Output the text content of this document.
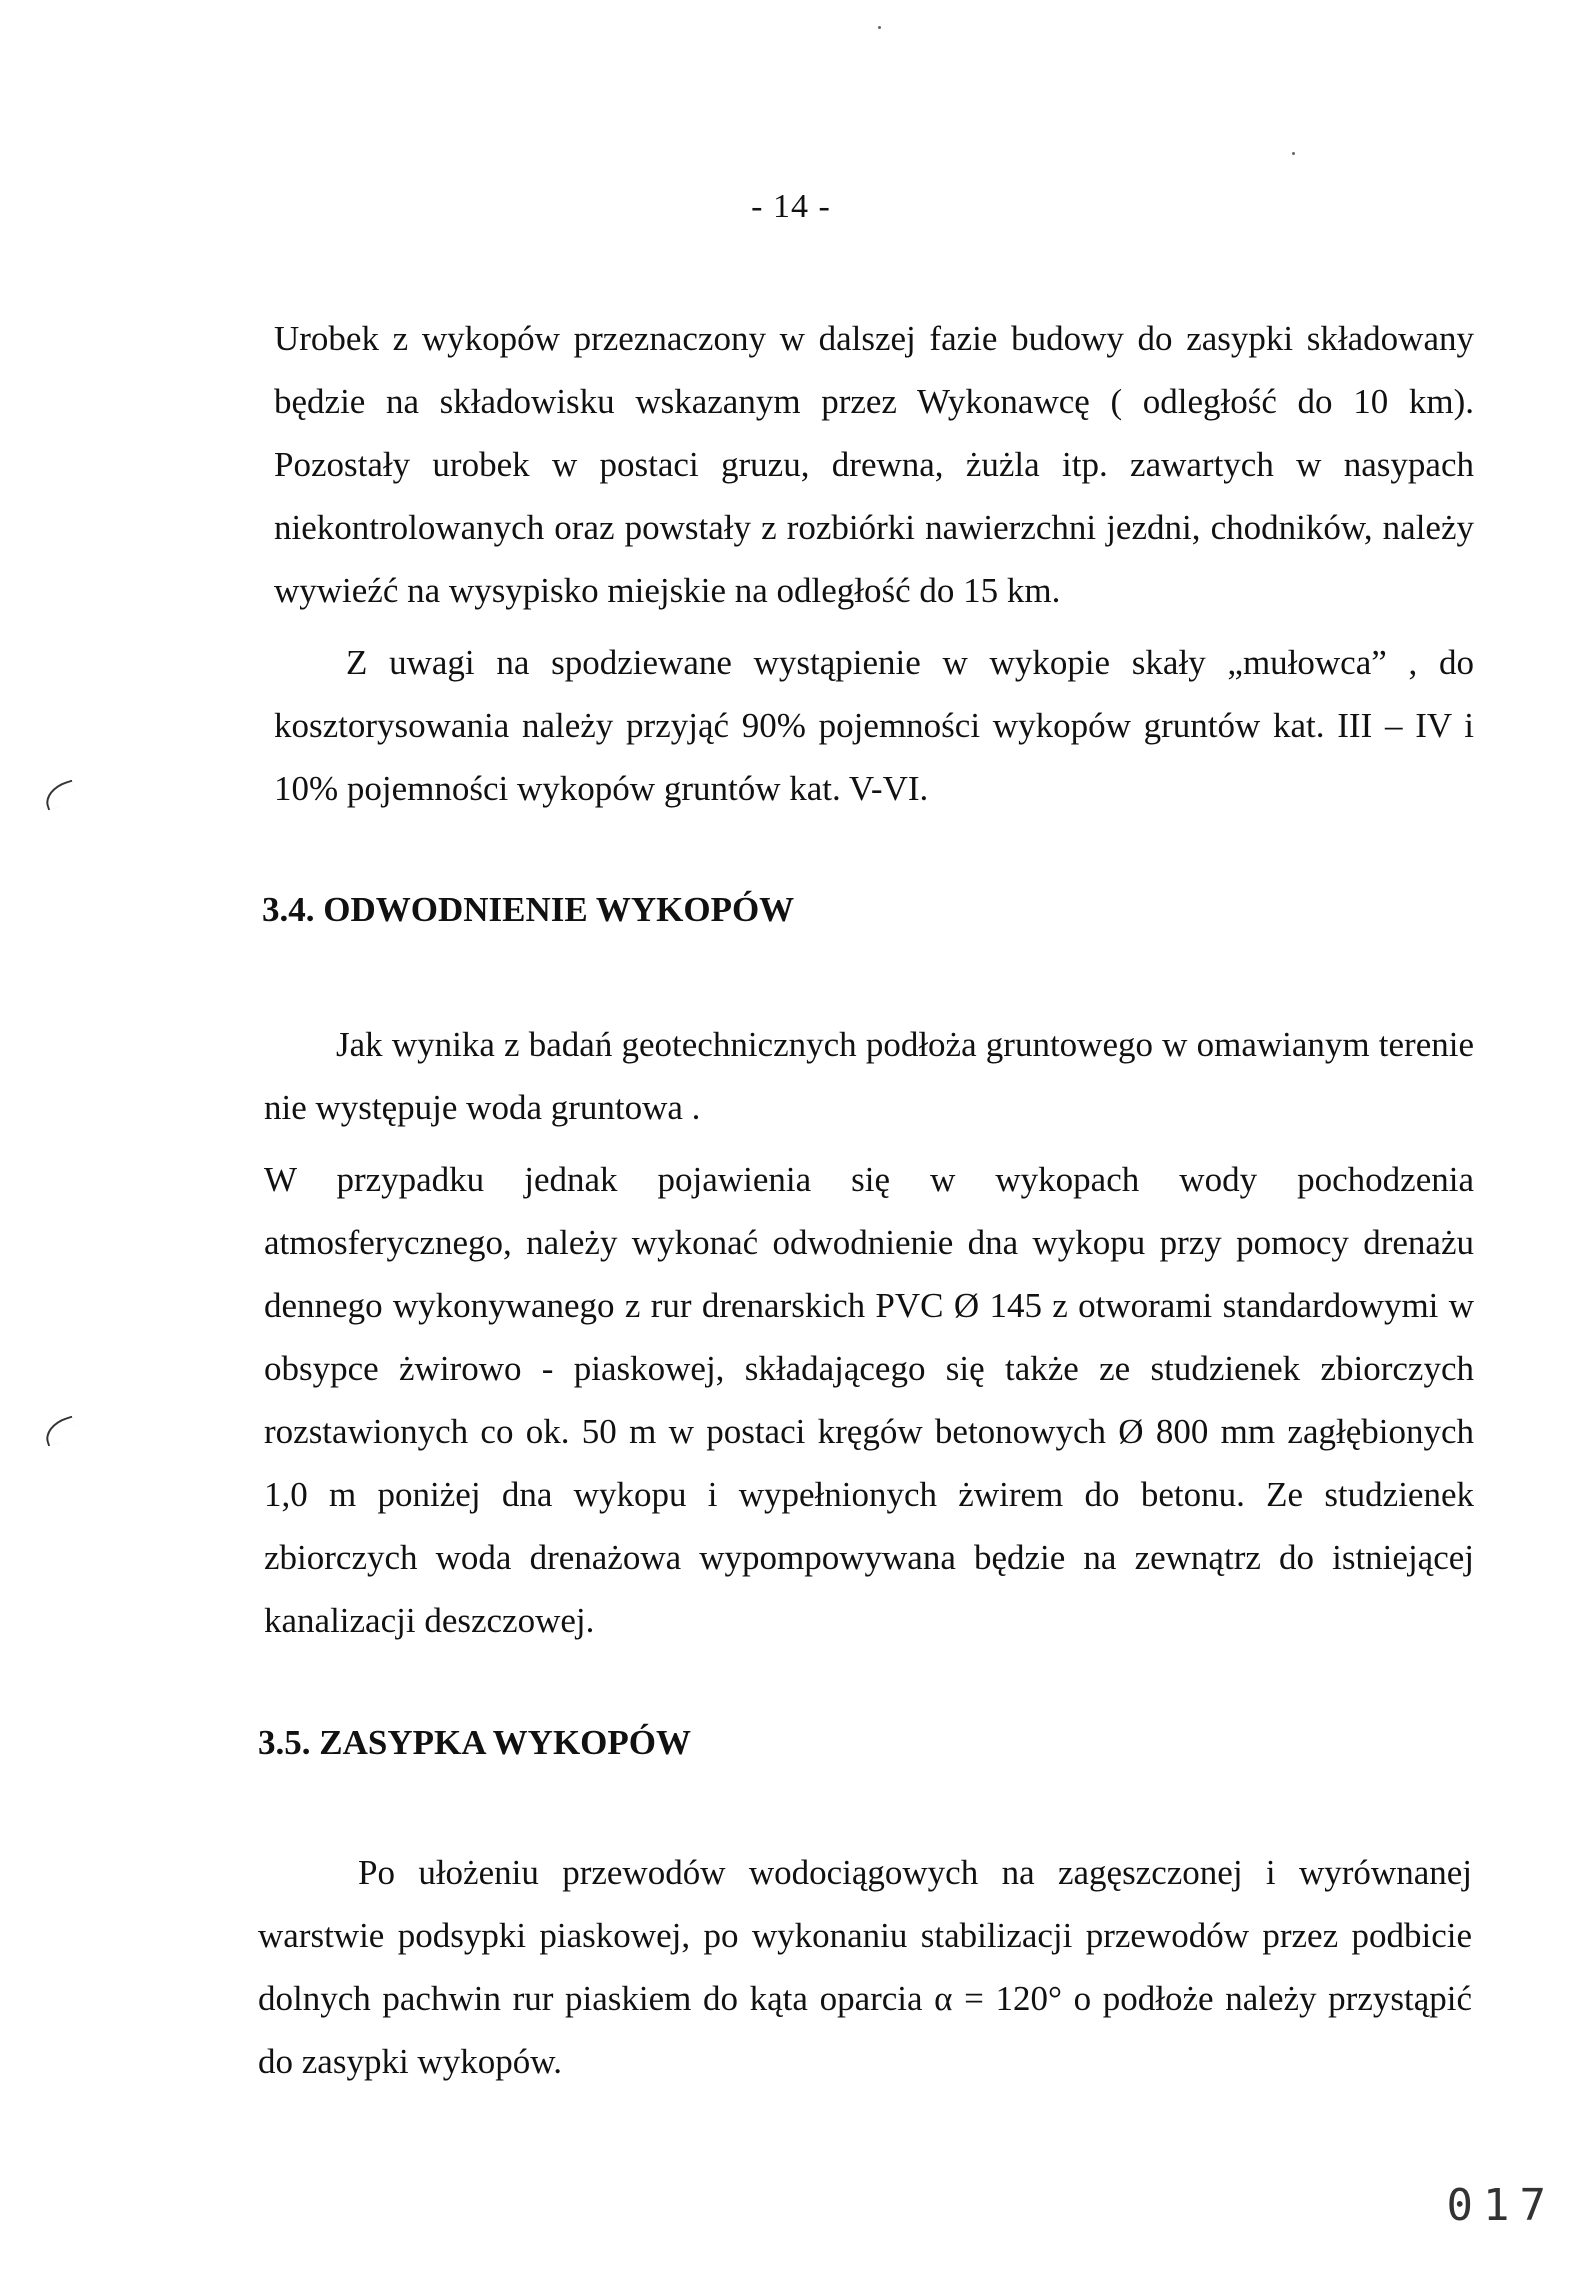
- 14 -

Urobek z wykopów przeznaczony w dalszej fazie budowy do zasypki składowany będzie na składowisku wskazanym przez Wykonawcę ( odległość do 10 km). Pozostały urobek w postaci gruzu, drewna, żużla itp. zawartych w nasypach niekontrolowanych oraz powstały z rozbiórki nawierzchni jezdni, chodników, należy wywieźć na wysypisko miejskie na odległość do 15 km.

Z uwagi na spodziewane wystąpienie w wykopie skały „mułowca” , do kosztorysowania należy przyjąć 90% pojemności wykopów gruntów kat. III – IV i 10% pojemności wykopów gruntów kat. V-VI.

3.4. ODWODNIENIE WYKOPÓW

Jak wynika z badań geotechnicznych podłoża gruntowego w omawianym terenie nie występuje woda gruntowa .

W przypadku jednak pojawienia się w wykopach wody pochodzenia atmosferycznego, należy wykonać odwodnienie dna wykopu przy pomocy drenażu dennego wykonywanego z rur drenarskich PVC Ø 145 z otworami standardowymi w obsypce żwirowo - piaskowej, składającego się także ze studzienek zbiorczych rozstawionych co ok. 50 m w postaci kręgów betonowych Ø 800 mm zagłębionych 1,0 m poniżej dna wykopu i wypełnionych żwirem do betonu. Ze studzienek zbiorczych woda drenażowa wypompowywana będzie na zewnątrz do istniejącej kanalizacji deszczowej.

3.5. ZASYPKA WYKOPÓW

Po ułożeniu przewodów wodociągowych na zagęszczonej i wyrównanej warstwie podsypki piaskowej, po wykonaniu stabilizacji przewodów przez podbicie dolnych pachwin rur piaskiem do kąta oparcia α = 120° o podłoże należy przystąpić do zasypki wykopów.

017
